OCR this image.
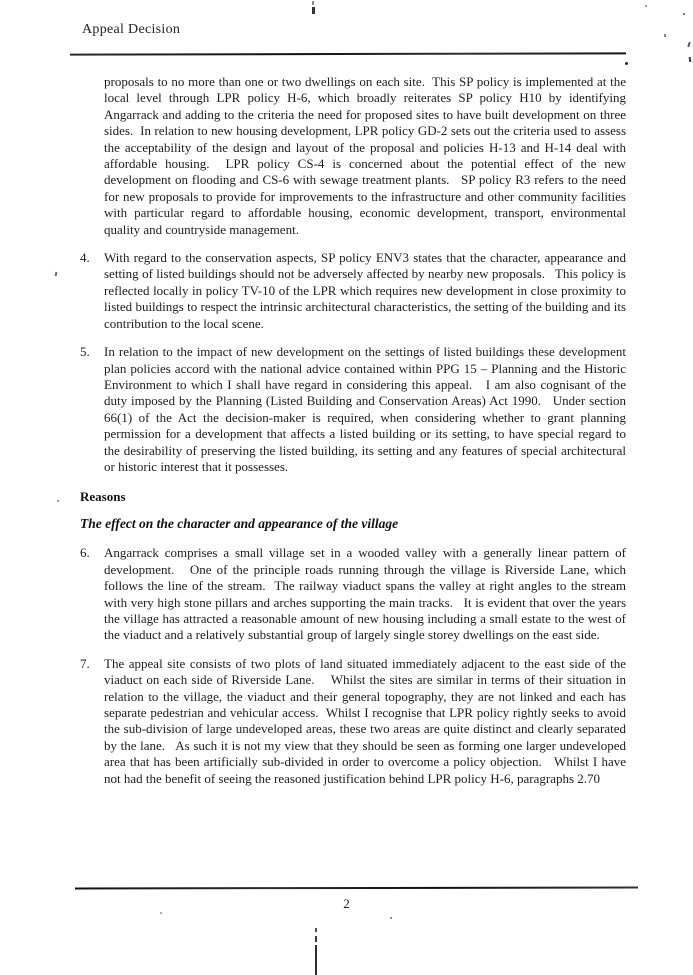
Appeal Decision
proposals to no more than one or two dwellings on each site.  This SP policy is implemented at the local level through LPR policy H-6, which broadly reiterates SP policy H10 by identifying Angarrack and adding to the criteria the need for proposed sites to have built development on three sides.  In relation to new housing development, LPR policy GD-2 sets out the criteria used to assess the acceptability of the design and layout of the proposal and policies H-13 and H-14 deal with affordable housing.  LPR policy CS-4 is concerned about the potential effect of the new development on flooding and CS-6 with sewage treatment plants.   SP policy R3 refers to the need for new proposals to provide for improvements to the infrastructure and other community facilities with particular regard to affordable housing, economic development, transport, environmental quality and countryside management.
4.	With regard to the conservation aspects, SP policy ENV3 states that the character, appearance and setting of listed buildings should not be adversely affected by nearby new proposals.   This policy is reflected locally in policy TV-10 of the LPR which requires new development in close proximity to listed buildings to respect the intrinsic architectural characteristics, the setting of the building and its contribution to the local scene.
5.	In relation to the impact of new development on the settings of listed buildings these development plan policies accord with the national advice contained within PPG 15 – Planning and the Historic Environment to which I shall have regard in considering this appeal.   I am also cognisant of the duty imposed by the Planning (Listed Building and Conservation Areas) Act 1990.   Under section 66(1) of the Act the decision-maker is required, when considering whether to grant planning permission for a development that affects a listed building or its setting, to have special regard to the desirability of preserving the listed building, its setting and any features of special architectural or historic interest that it possesses.
Reasons
The effect on the character and appearance of the village
6.	Angarrack comprises a small village set in a wooded valley with a generally linear pattern of development.   One of the principle roads running through the village is Riverside Lane, which follows the line of the stream.  The railway viaduct spans the valley at right angles to the stream with very high stone pillars and arches supporting the main tracks.   It is evident that over the years the village has attracted a reasonable amount of new housing including a small estate to the west of the viaduct and a relatively substantial group of largely single storey dwellings on the east side.
7.	The appeal site consists of two plots of land situated immediately adjacent to the east side of the viaduct on each side of Riverside Lane.    Whilst the sites are similar in terms of their situation in relation to the village, the viaduct and their general topography, they are not linked and each has separate pedestrian and vehicular access.  Whilst I recognise that LPR policy rightly seeks to avoid the sub-division of large undeveloped areas, these two areas are quite distinct and clearly separated by the lane.   As such it is not my view that they should be seen as forming one larger undeveloped area that has been artificially sub-divided in order to overcome a policy objection.   Whilst I have not had the benefit of seeing the reasoned justification behind LPR policy H-6, paragraphs 2.70
2
